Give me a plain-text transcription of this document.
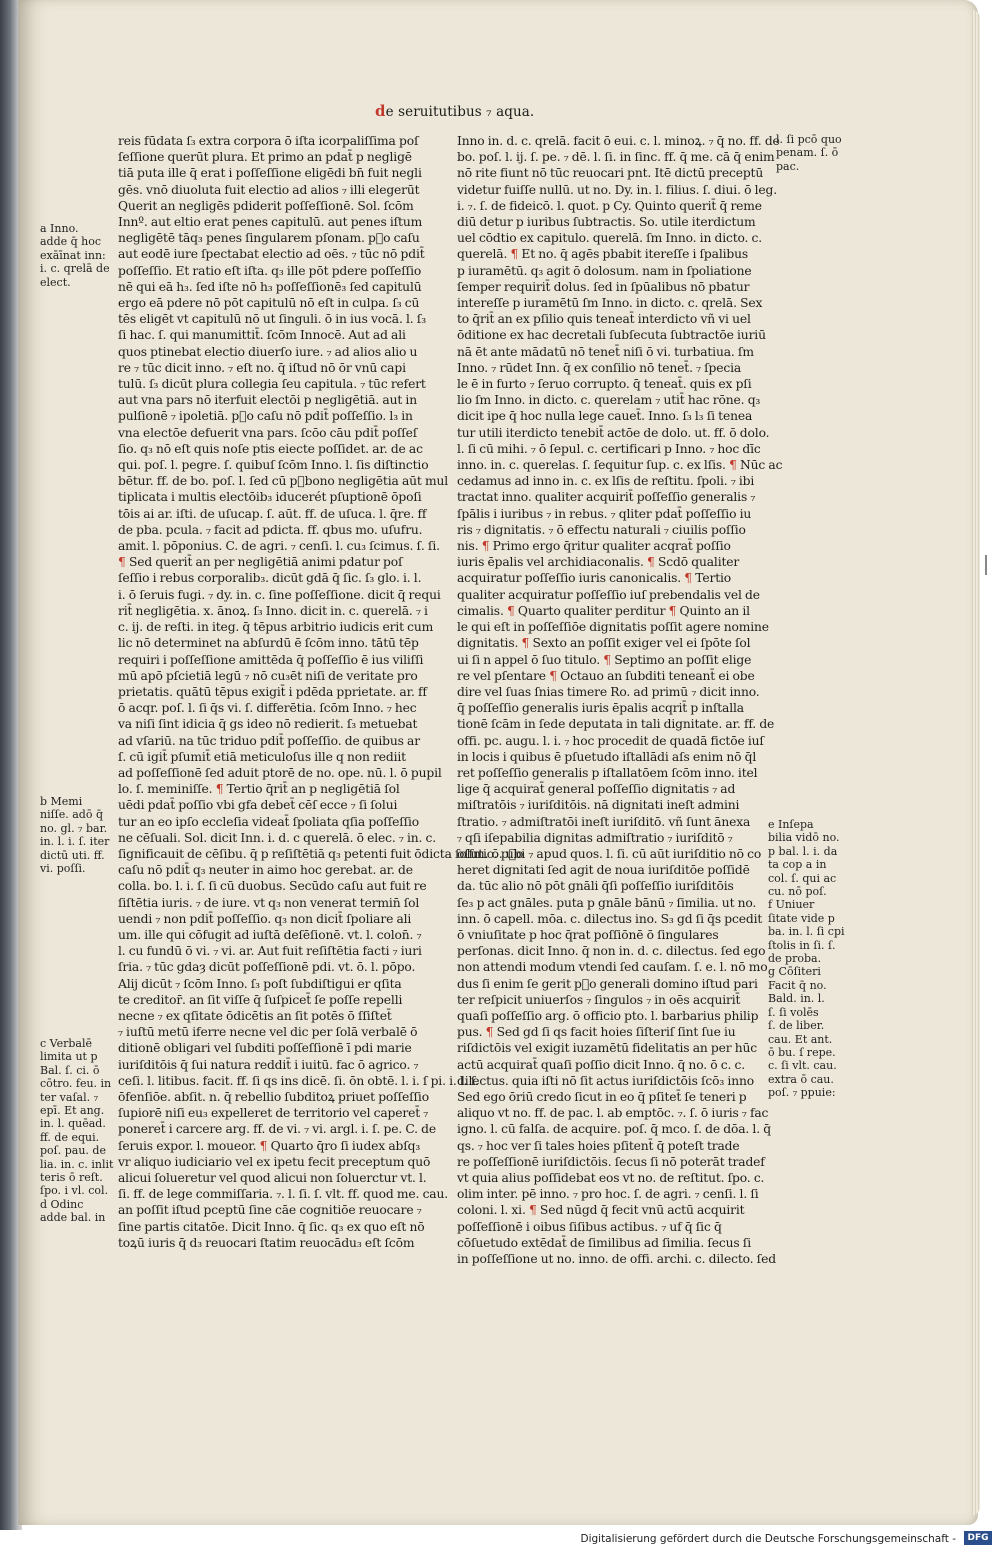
de seruitutibus ₇ aqua.
reis fūdata ſ₃ extra corpora ō iſta icorpaliſſima poſ
ſeſſione querūt plura. Et primo an pdat̄ p negligē
tiā puta ille q̄ erat i poſſeſſione eligēdi bn̄ fuit negli
gēs. vnō diuoluta fuit electio ad alios ₇ illi elegerūt
Querit an negligēs pdiderit poſſeſſionē. Sol. ſcōm
Innº. aut eltio erat penes capitulū. aut penes iſtum
negligētē tāq₃ penes ſingularem pſonam. pᷓo caſu
aut eodē iure ſpectabat electio ad oēs. ₇ tūc nō pdit̄
poſſeſſio. Et ratio eſt iſta. q₃ ille pōt pdere poſſeſſio
nē qui eā h₃. ſed iſte nō h₃ poſſeſſionē₃ ſed capitulū
ergo eā pdere nō pōt capitulū nō eſt in culpa. ſ₃ cū
tēs eligēt vt capitulū nō ut ſinguli. ō in ius vocā. l. ſ₃
ſi hac. ſ. qui manumittit̄. ſcōm Innocē. Aut ad ali
quos ptinebat electio diuerſo iure. ₇ ad alios alio u
re ₇ tūc dicit inno. ₇ eſt no. q̄ iſtud nō ōr vnū capi
tulū. ſ₃ dicūt plura collegia ſeu capitula. ₇ tūc refert
aut vna pars nō iterfuit electōi p negligētiā. aut in
pulſionē ₇ ipoletiā. pᷓo caſu nō pdit̄ poſſeſſio. l₃ in
vna electōe defuerit vna pars. ſcōo cāu pdit̄ poſſeſ
ſio. q₃ nō eſt quis noſe ptis eiecte poſſidet. ar. de ac
qui. poſ. l. pegre. ſ. quibuſ ſcōm Inno. l. ſis diſtinctio
bētur. ff. de bo. poſ. l. ſed cū pᷓbono negligētia aūt mul
tiplicata i multis electōib₃ iducerét pſuptionē ōpoſi
tōis ai ar. iſti. de uſucap. ſ. aūt. ff. de uſuca. l. q̄re. ff
de pba. pcula. ₇ facit ad pdicta. ff. qbus mo. uſufru.
amit. l. pōponius. C. de agri. ₇ cenſi. l. cu₃ ſcimus. ſ. ſi.
¶ Sed querit̄ an per negligētiā animi pdatur poſ
ſeſſio i rebus corporalib₃. dicūt gdā q̄ ſic. ſ₃ glo. i. l.
i. ō ſeruis fugi. ₇ dy. in. c. ſine poſſeſſione. dicit q̄ requi
rit̄ negligētia. x. ānoꝝ. ſ₃ Inno. dicit in. c. querelā. ₇ i
c. ij. de reſti. in iteg. q̄ tēpus arbitrio iudicis erit cum
lic nō determinet na abſurdū ē ſcōm inno. tātū tēp
requiri i poſſeſſione amittēda q̄ poſſeſſio ē ius viliſſi
mū apō pſcietiā legū ₇ nō cu₃ēt niſi de veritate pro
prietatis. quātū tēpus exigit̄ i pdēda pprietate. ar. ff
ō acqr. poſ. l. ſi q̄s vi. ſ. differētia. ſcōm Inno. ₇ hec
va niſi ſint idicia q̄ gs ideo nō redierit. ſ₃ metuebat
ad vſariū. na tūc triduo pdit̄ poſſeſſio. de quibus ar
ſ. cū igit̄ pſumit̄ etiā meticuloſus ille q non rediit
ad poſſeſſionē ſed aduit ptorē de no. ope. nū. l. ō pupil
lo. ſ. meminiſſe. ¶ Tertio q̄rit̄ an p negligētiā ſol
uēdi pdat̄ poſſio vbi gfa debet̄ cēſ ecce ₇ ſi ſolui
tur an eo ipſo eccleſia videat̄ ſpoliata qſia poſſeſſio
ne cēſuali. Sol. dicit Inn. i. d. c querelā. ō elec. ₇ in. c.
ſignificauit de cēſibu. q̄ p reſiſtētiā q₃ petenti fuit ōdicta ſolutio. pᷓo
caſu nō pdit̄ q₃ neuter in aimo hoc gerebat. ar. de
colla. bo. l. i. ſ. ſi cū duobus. Secūdo caſu aut fuit re
ſiſtētia iuris. ₇ de iure. vt q₃ non venerat termin̄ ſol
uendi ₇ non pdit̄ poſſeſſio. q₃ non dicit̄ ſpoliare ali
um. ille qui cōfugit ad iuſtā deſēſionē. vt. l. colon̄. ₇
l. cu fundū ō vi. ₇ vi. ar. Aut fuit reſiſtētia facti ₇ iuri
ſria. ₇ tūc gdaȝ dicūt poſſeſſionē pdi. vt. ō. l. pōpo.
Alij dicūt ₇ ſcōm Inno. ſ₃ poſt ſubdiſtigui er qſita
te creditor̄. an ſit viſſe q̄ ſuſpicet̄ ſe poſſe repelli
necne ₇ ex qſitate ōdicētis an ſit potēs ō ſſiſtet̄
₇ iuſtū metū iferre necne vel dic per ſolā verbalē ō
ditionē obligari vel ſubditi poſſeſſionē ī pdi marie
iuriſditōis q̄ ſui natura reddit̄ i iuitū. fac ō agrico. ₇
ceſi. l. litibus. facit. ff. ſi qs ins dicē. ſi. ōn obtē. l. i. ſ pi. i. l. ſ.
ōfenſiōe. abſit. n. q̄ rebellio ſubditoꝝ priuet poſſeſſio
ſupiorē niſi eu₃ expelleret de territorio vel caperet̄ ₇
poneret̄ i carcere arg. ff. de vi. ₇ vi. argl. i. ſ. pe. C. de
ſeruis expor. l. moueor. ¶ Quarto q̄ro ſi iudex abſq₃
vr aliquo iudiciario vel ex ipetu fecit preceptum quō
alicui ſolueretur vel quod alicui non ſoluerctur vt. l.
ſi. ff. de lege commiſſaria. ₇. l. ſi. ſ. vlt. ff. quod me. cau.
an poſſit iſtud pceptū ſine cāe cognitiōe reuocare ₇
ſine partis citatōe. Dicit Inno. q̄ ſic. q₃ ex quo eſt nō
toꝝū iuris q̄ d₃ reuocari ſtatim reuocādu₃ eſt ſcōm
Inno in. d. c. qrelā. facit ō eui. c. l. minoꝝ. ₇ q̄ no. ff. de
bo. poſ. l. ij. ſ. pe. ₇ dē. l. ſi. in ſinc. ff. q̄ me. cā q̄ enim
nō rite fiunt nō tūc reuocari pnt. Itē dictū preceptū
videtur fuiſſe nullū. ut no. Dy. in. l. filius. ſ. diui. ō leg.
i. ₇. ſ. de fideicō. l. quot. p Cy. Quinto querit̄ q̄ reme
diū detur p iuribus ſubtractis. So. utile iterdictum
uel cōdtio ex capitulo. querelā. ſm Inno. in dicto. c.
querelā. ¶ Et no. q̄ agēs pbabit itereſſe i ſpalibus
p iuramētū. q₃ agit ō dolosum. nam in ſpoliatione
ſemper requirit̄ dolus. ſed in ſpūalibus nō pbatur
intereſſe p iuramētū ſm Inno. in dicto. c. qrelā. Sex
to q̄rit̄ an ex pſilio quis teneat̄ interdicto vñ vi uel
ōditione ex hac decretali ſubſecuta ſubtractōe iuriū
nā ēt ante mādatū nō tenet̄ niſi ō vi. turbatiua. ſm
Inno. ₇ rūdet Inn. q̄ ex conſilio nō tenet̄. ₇ ſpecia
le ē in furto ₇ ſeruo corrupto. q̄ teneat̄. quis ex pſi
lio ſm Inno. in dicto. c. querelam ₇ utit̄ hac rōne. q₃
dicit ipe q̄ hoc nulla lege cauet̄. Inno. ſ₃ l₃ ſi tenea
tur utili iterdicto tenebit̄ actōe de dolo. ut. ff. ō dolo.
l. ſi cū mihi. ₇ ō ſepul. c. certificari p Inno. ₇ hoc dīc
inno. in. c. querelas. ſ. ſequitur ſup. c. ex lſis. ¶ Nūc ac
cedamus ad inno in. c. ex lſis de reſtitu. ſpoli. ₇ ibi
tractat inno. qualiter acquirit̄ poſſeſſio generalis ₇
ſpālis i iuribus ₇ in rebus. ₇ qliter pdat̄ poſſeſſio iu
ris ₇ dignitatis. ₇ ō effectu naturali ₇ ciuilis poſſio
nis. ¶ Primo ergo q̄ritur qualiter acqrat̄ poſſio
iuris ēpalis vel archidiaconalis. ¶ Scdō qualiter
acquiratur poſſeſſio iuris canonicalis. ¶ Tertio
qualiter acquiratur poſſeſſio iuſ prebendalis vel de
cimalis. ¶ Quarto qualiter perditur ¶ Quinto an il
le qui eſt in poſſeſſiōe dignitatis poſſit agere nomine
dignitatis. ¶ Sexto an poſſit exiger vel ei ſpōte ſol
ui ſi n appel ō ſuo titulo. ¶ Septimo an poſſit elige
re vel pſentare ¶ Octauo an ſubditi teneant̄ ei obe
dire vel ſuas ſnias timere Ro. ad primū ₇ dicit inno.
q̄ poſſeſſio generalis iuris ēpalis acqrit̄ p inſtalla
tionē ſcām in ſede deputata in tali dignitate. ar. ff. de
offi. pc. augu. l. i. ₇ hoc procedit de quadā fictōe iuſ
in locis i quibus ē pſuetudo iſtallādi aſs enim nō q̄l
ret poſſeſſio generalis p iſtallatōem ſcōm inno. itel
lige q̄ acquirat̄ general poſſeſſio dignitatis ₇ ad
miſtratōis ₇ iuriſditōis. nā dignitati ineſt admini
ſtratio. ₇ admiſtratōi ineſt iuriſditō. vñ ſunt ānexa
₇ qſi iſepabilia dignitas admiſtratio ₇ iuriſditō ₇
oſſm. ō. ubi ₇ apud quos. l. ſi. cū aūt iuriſditio nō co
heret dignitati ſed agit de noua iuriſditōe poſſidē
da. tūc alio nō pōt gnāli q̄ſi poſſeſſio iuriſditōis
ſe₃ p act gnāles. puta p gnāle bānū ₇ ſimilia. ut no.
inn. ō capell. mōa. c. dilectus ino. S₃ gd ſi q̄s pcedit
ō vniuſitate p hoc q̄rat poſſiōnē ō ſingulares
perſonas. dicit Inno. q̄ non in. d. c. dilectus. ſed ego
non attendi modum vtendi ſed cauſam. ſ. e. l. nō mo
dus ſi enim ſe gerit pᷓo generali domino iſtud pari
ter reſpicit uniuerſos ₇ ſingulos ₇ in oēs acquirit̄
quaſi poſſeſſio arg. ō officio pto. l. barbarius philip
pus. ¶ Sed gd ſi qs facit hoies ſiſteriſ ſint ſue iu
riſdictōis vel exigit iuzamētū fidelitatis an per hūc
actū acquirat̄ quaſi poſſio dicit Inno. q̄ no. ō c. c.
dilectus. quia iſti nō ſit actus iuriſdictōis ſcō₃ inno
Sed ego ōriū credo ſicut in eo q̄ pſitet̄ ſe teneri p
aliquo vt no. ff. de pac. l. ab emptōc. ₇. ſ. ō iuris ₇ fac
igno. l. cū falſa. de acquire. poſ. q̄ mco. ſ. de dōa. l. q̄
qs. ₇ hoc ver ſi tales hoies pſitent̄ q̄ poteſt trade
re poſſeſſionē iuriſdictōis. ſecus ſi nō poterāt tradef
vt quia alius poſſidebat eos vt no. de reſtitut. ſpo. c.
olim inter. pē inno. ₇ pro hoc. ſ. de agri. ₇ cenſi. l. ſi
coloni. l. xi. ¶ Sed nūgd q̄ fecit vnū actū acquirit
poſſeſſionē i oibus ſiſibus actibus. ₇ uf q̄ ſic q̄
cōſuetudo extēdat̄ de ſimilibus ad ſimilia. ſecus ſi
in poſſeſſione ut no. inno. de offi. archi. c. dilecto. ſed
a Inno.
adde q̄ hoc
exāīnat inn:
i. c. qrelā de
elect.
b Memi
niſſe. adō q̄
no. gl. ₇ bar.
in. l. i. ſ. iter
dictū uti. ff.
vi. poſſi.
c Verbalē
limita ut p
Bal. ſ. ci. ō
cōtro. feu. in
ter vaſal. ₇
epī. Et ang.
in. l. quēad.
ff. de equi.
poſ. pau. de
lia. in. c. inlit
teris ō reſt.
ſpo. i vl. col.
d Odinc
adde bal. in
l. ſi pcō quo
penam. ſ. ō
pac.
e Inſepa
bilia vidō no.
p bal. l. i. da
ta cop a in
col. ſ. qui ac
cu. nō poſ.
f Uniuer
ſitate vide p
ba. in. l. ſi cpi
ſtolis in ſi. ſ.
de proba.
g Cōſiteri
Facit q̄ no.
Bald. in. l.
ſ. ſi volēs
ſ. de liber.
cau. Et ant.
ō bu. ſ repe.
c. ſi vlt. cau.
extra ō cau.
poſ. ₇ ppuie:
Digitalisierung gefördert durch die Deutsche Forschungsgemeinschaft -	DFG
